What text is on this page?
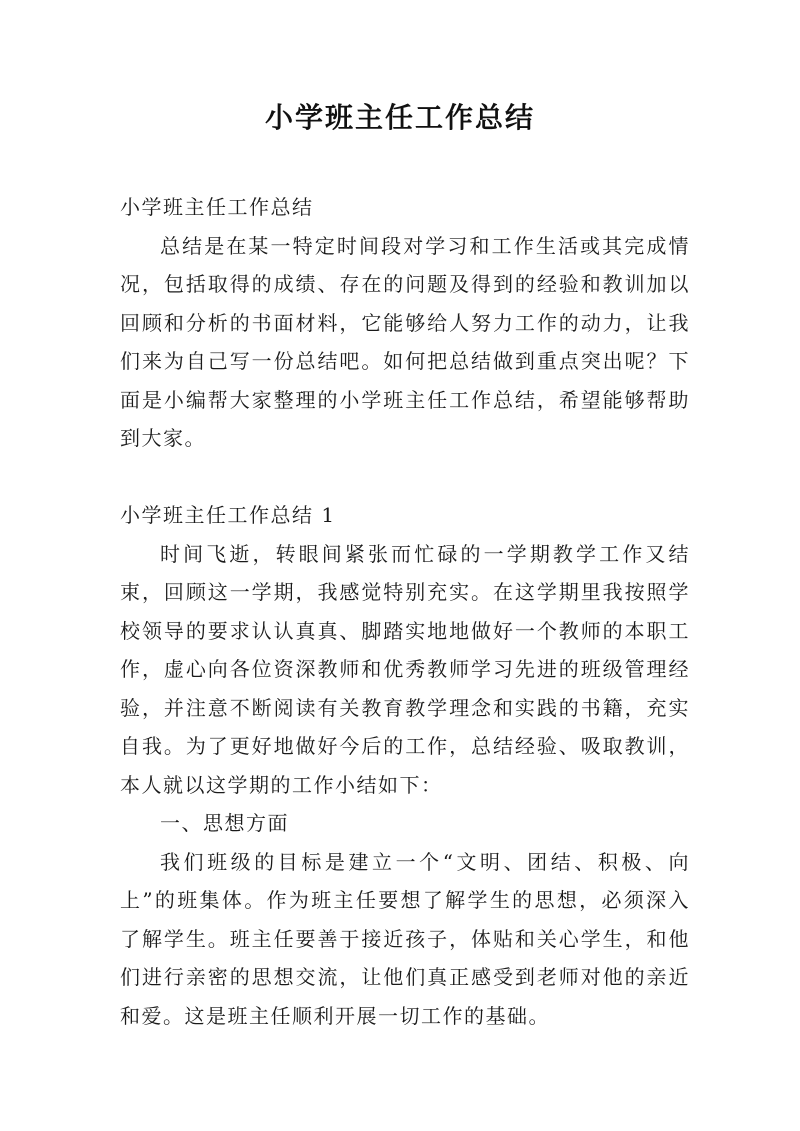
小学班主任工作总结

小学班主任工作总结

总结是在某一特定时间段对学习和工作生活或其完成情况，包括取得的成绩、存在的问题及得到的经验和教训加以回顾和分析的书面材料，它能够给人努力工作的动力，让我们来为自己写一份总结吧。如何把总结做到重点突出呢？下面是小编帮大家整理的小学班主任工作总结，希望能够帮助到大家。

小学班主任工作总结 1

时间飞逝，转眼间紧张而忙碌的一学期教学工作又结束，回顾这一学期，我感觉特别充实。在这学期里我按照学校领导的要求认认真真、脚踏实地地做好一个教师的本职工作，虚心向各位资深教师和优秀教师学习先进的班级管理经验，并注意不断阅读有关教育教学理念和实践的书籍，充实自我。为了更好地做好今后的工作，总结经验、吸取教训，本人就以这学期的工作小结如下：

一、思想方面

我们班级的目标是建立一个“文明、团结、积极、向上”的班集体。作为班主任要想了解学生的思想，必须深入了解学生。班主任要善于接近孩子，体贴和关心学生，和他们进行亲密的思想交流，让他们真正感受到老师对他的亲近和爱。这是班主任顺利开展一切工作的基础。
